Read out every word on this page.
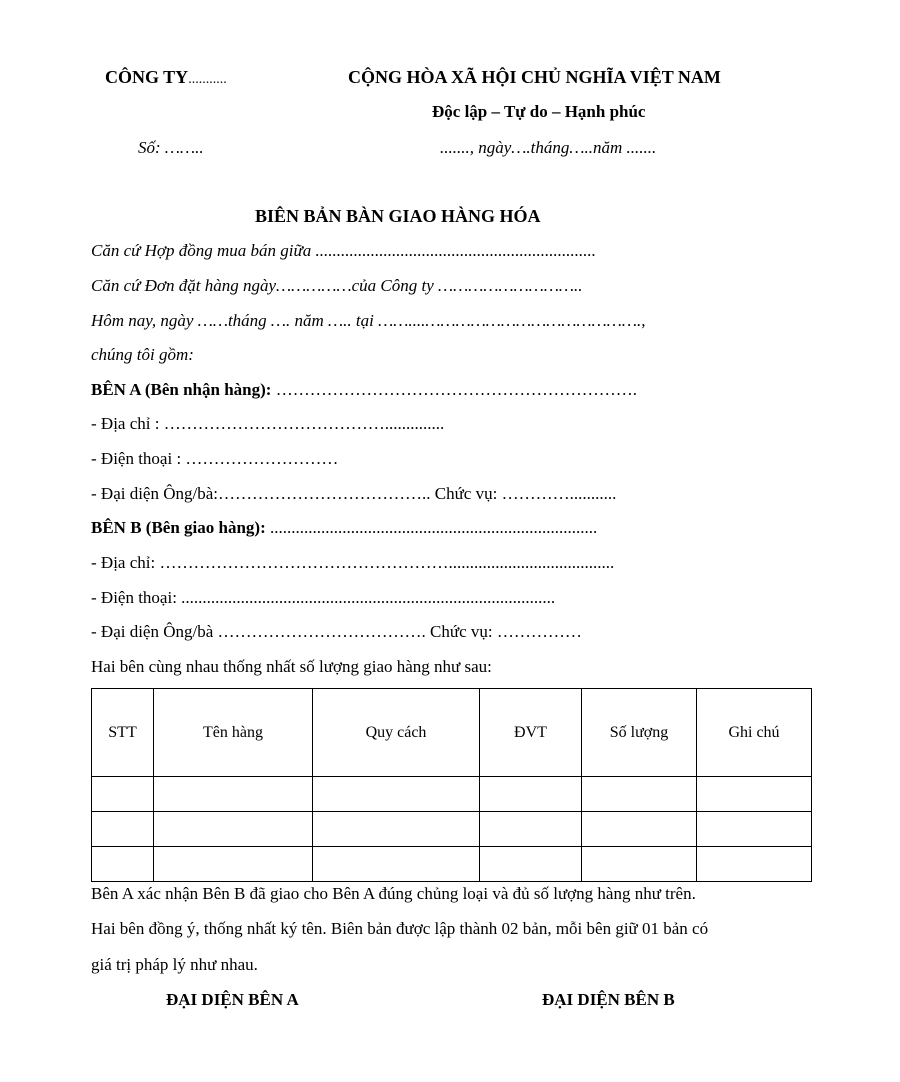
CÔNG TY...........	CỘNG HÒA XÃ HỘI CHỦ NGHĨA VIỆT NAM
Độc lập – Tự do – Hạnh phúc
Số: ……..	......., ngày….tháng…..năm .......
BIÊN BẢN BÀN GIAO HÀNG HÓA
Căn cứ Hợp đồng mua bán giữa ..................................................................
Căn cứ Đơn đặt hàng ngày……………của Công ty ………………………..
Hôm nay, ngày ……tháng …. năm ….. tại ……....…………………………………….,
chúng tôi gồm:
BÊN A (Bên nhận hàng): ……………………………………………………….
- Địa chỉ : …………………………………..............
- Điện thoại : ………………………
- Đại diện Ông/bà:……………………………….. Chức vụ: …………...........
BÊN B (Bên giao hàng): .............................................................................
- Địa chỉ: …………………………………………….......................................
- Điện thoại: ........................................................................................
- Đại diện Ông/bà ………………………………. Chức vụ: ……………
Hai bên cùng nhau thống nhất số lượng giao hàng như sau:
STT	Tên hàng	Quy cách	ĐVT	Số lượng	Ghi chú

Bên A xác nhận Bên B đã giao cho Bên A đúng chủng loại và đủ số lượng hàng như trên.
Hai bên đồng ý, thống nhất ký tên. Biên bản được lập thành 02 bản, mỗi bên giữ 01 bản có
giá trị pháp lý như nhau.
ĐẠI DIỆN BÊN A	ĐẠI DIỆN BÊN B
